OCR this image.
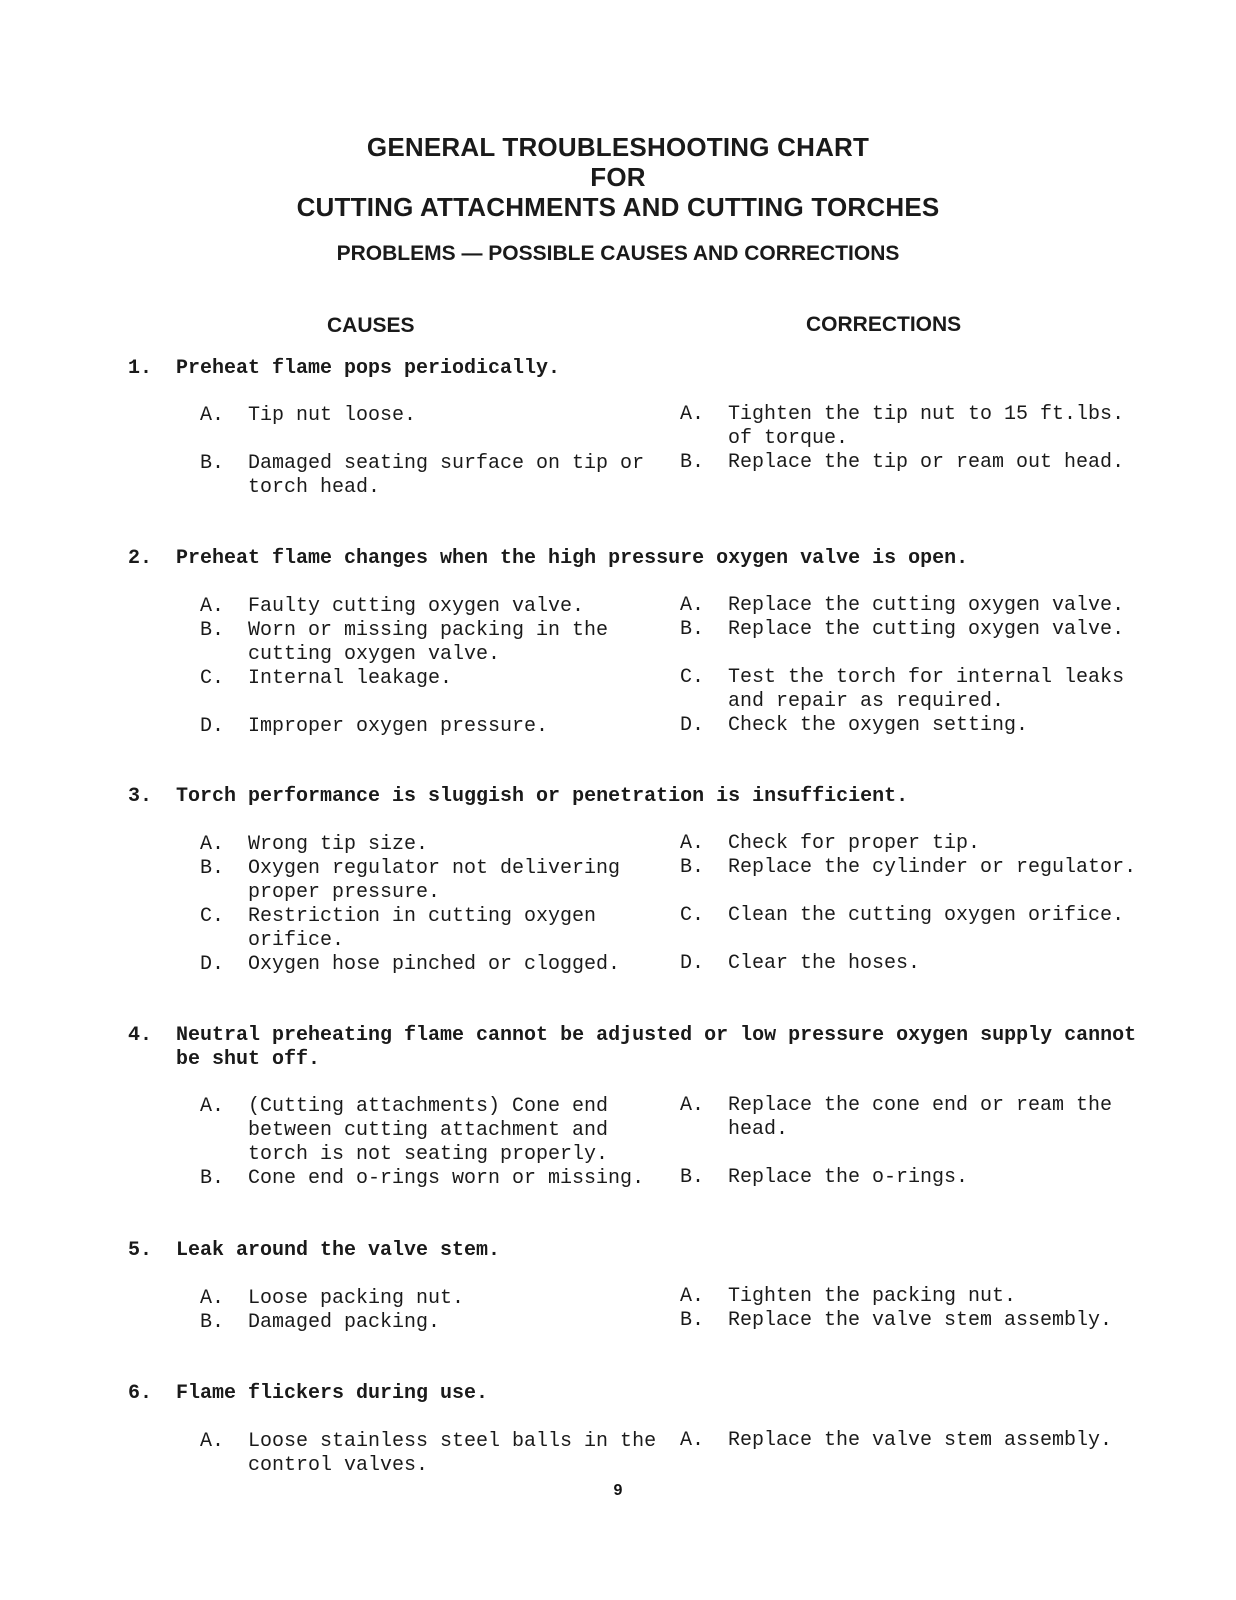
GENERAL TROUBLESHOOTING CHART
FOR
CUTTING ATTACHMENTS AND CUTTING TORCHES
PROBLEMS — POSSIBLE CAUSES AND CORRECTIONS
CAUSES	CORRECTIONS
1. Preheat flame pops periodically.
A. Tip nut loose.
B. Damaged seating surface on tip or torch head.
A. Tighten the tip nut to 15 ft.lbs. of torque.
B. Replace the tip or ream out head.
2. Preheat flame changes when the high pressure oxygen valve is open.
A. Faulty cutting oxygen valve.
B. Worn or missing packing in the cutting oxygen valve.
C. Internal leakage.
D. Improper oxygen pressure.
A. Replace the cutting oxygen valve.
B. Replace the cutting oxygen valve.
C. Test the torch for internal leaks and repair as required.
D. Check the oxygen setting.
3. Torch performance is sluggish or penetration is insufficient.
A. Wrong tip size.
B. Oxygen regulator not delivering proper pressure.
C. Restriction in cutting oxygen orifice.
D. Oxygen hose pinched or clogged.
A. Check for proper tip.
B. Replace the cylinder or regulator.
C. Clean the cutting oxygen orifice.
D. Clear the hoses.
4. Neutral preheating flame cannot be adjusted or low pressure oxygen supply cannot be shut off.
A. (Cutting attachments) Cone end between cutting attachment and torch is not seating properly.
B. Cone end o-rings worn or missing.
A. Replace the cone end or ream the head.
B. Replace the o-rings.
5. Leak around the valve stem.
A. Loose packing nut.
B. Damaged packing.
A. Tighten the packing nut.
B. Replace the valve stem assembly.
6. Flame flickers during use.
A. Loose stainless steel balls in the control valves.
A. Replace the valve stem assembly.
9
